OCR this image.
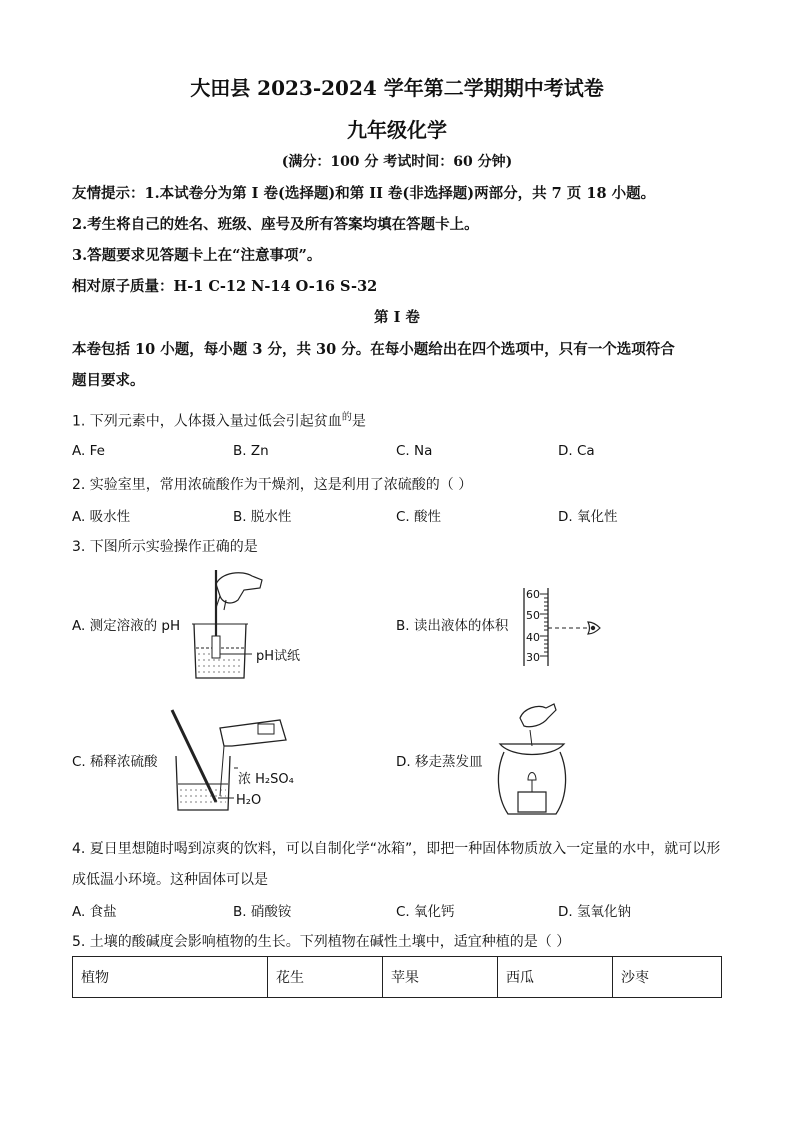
大田县 2023-2024 学年第二学期期中考试卷
九年级化学
(满分：100 分 考试时间：60 分钟)
友情提示：1.本试卷分为第 I 卷(选择题)和第 II 卷(非选择题)两部分，共 7 页 18 小题。
2.考生将自己的姓名、班级、座号及所有答案均填在答题卡上。
3.答题要求见答题卡上在“注意事项”。
相对原子质量：H-1 C-12 N-14 O-16 S-32
第 I 卷
本卷包括 10 小题，每小题 3 分，共 30 分。在每小题给出在四个选项中，只有一个选项符合
题目要求。
1. 下列元素中，人体摄入量过低会引起贫血$^的$是
A. Fe	B. Zn	C. Na	D. Ca
2. 实验室里，常用浓硫酸作为干燥剂，这是利用了浓硫酸的（ ）
A. 吸水性	B. 脱水性	C. 酸性	D. 氧化性
3. 下图所示实验操作正确的是
A. 测定溶液的 pH
pH试纸
B. 读出液体的体积
60
50
40
30
C. 稀释浓硫酸
浓 H₂SO₄
H₂O
D. 移走蒸发皿
4. 夏日里想随时喝到凉爽的饮料，可以自制化学“冰箱”，即把一种固体物质放入一定量的水中，就可以形
成低温小环境。这种固体可以是
A. 食盐	B. 硝酸铵	C. 氧化钙	D. 氢氧化钠
5. 土壤的酸碱度会影响植物的生长。下列植物在碱性土壤中，适宜种植的是（ ）
植物	花生	苹果	西瓜	沙枣
